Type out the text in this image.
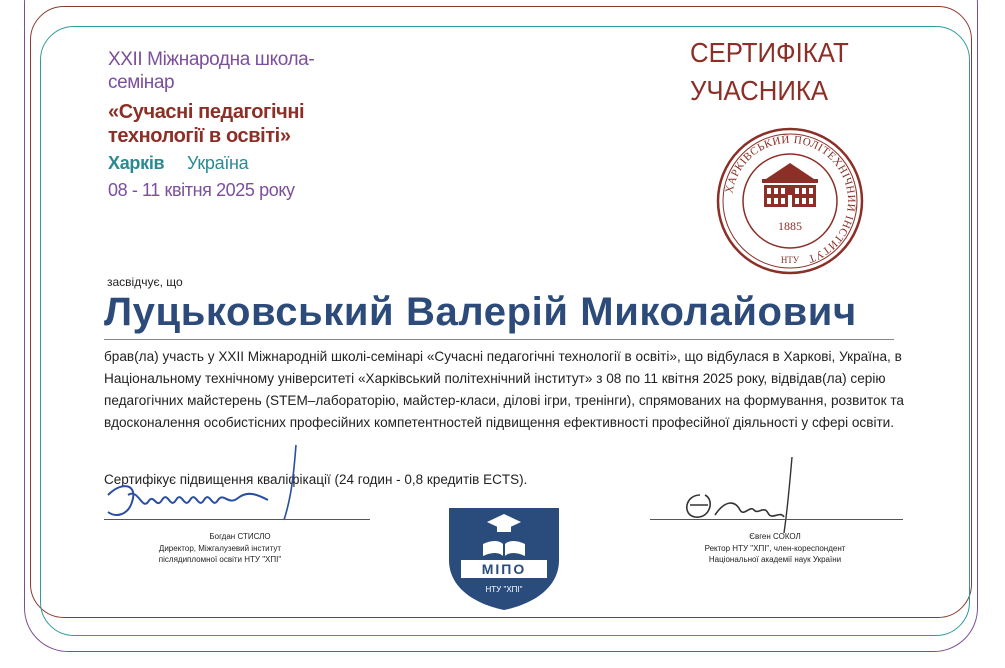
XXII Міжнародна школа-
семінар
«Сучасні педагогічні
технології в освіті»
Харків Україна
08 - 11 квітня 2025 року
СЕРТИФІКАТ
УЧАСНИКА
ХАРКІВСЬКИЙ ПОЛІТЕХНІЧНИЙ ІНСТИТУТ
1885
НТУ
засвідчує, що
Луцьковський Валерій Миколайович
брав(ла) участь у XXII Міжнародній школі-семінарі «Сучасні педагогічні технології в освіті», що відбулася в Харкові, Україна, в Національному технічному університеті «Харківський політехнічний інститут» з 08 по 11 квітня 2025 року, відвідав(ла) серію педагогічних майстерень (STEM–лабораторію, майстер-класи, ділові ігри, тренінги), спрямованих на формування, розвиток та вдосконалення особистісних професійних компетентностей підвищення ефективності професійної діяльності у сфері освіти.
Сертифікує підвищення кваліфікації (24 годин - 0,8 кредитів ECTS).
Богдан СТИСЛО
Директор, Міжгалузевий інститут
післядипломної освіти НТУ "ХПІ"
Євген СОКОЛ
Ректор НТУ "ХПІ", член-кореспондент
Національної академії наук України
МІПО
НТУ "ХПІ"
